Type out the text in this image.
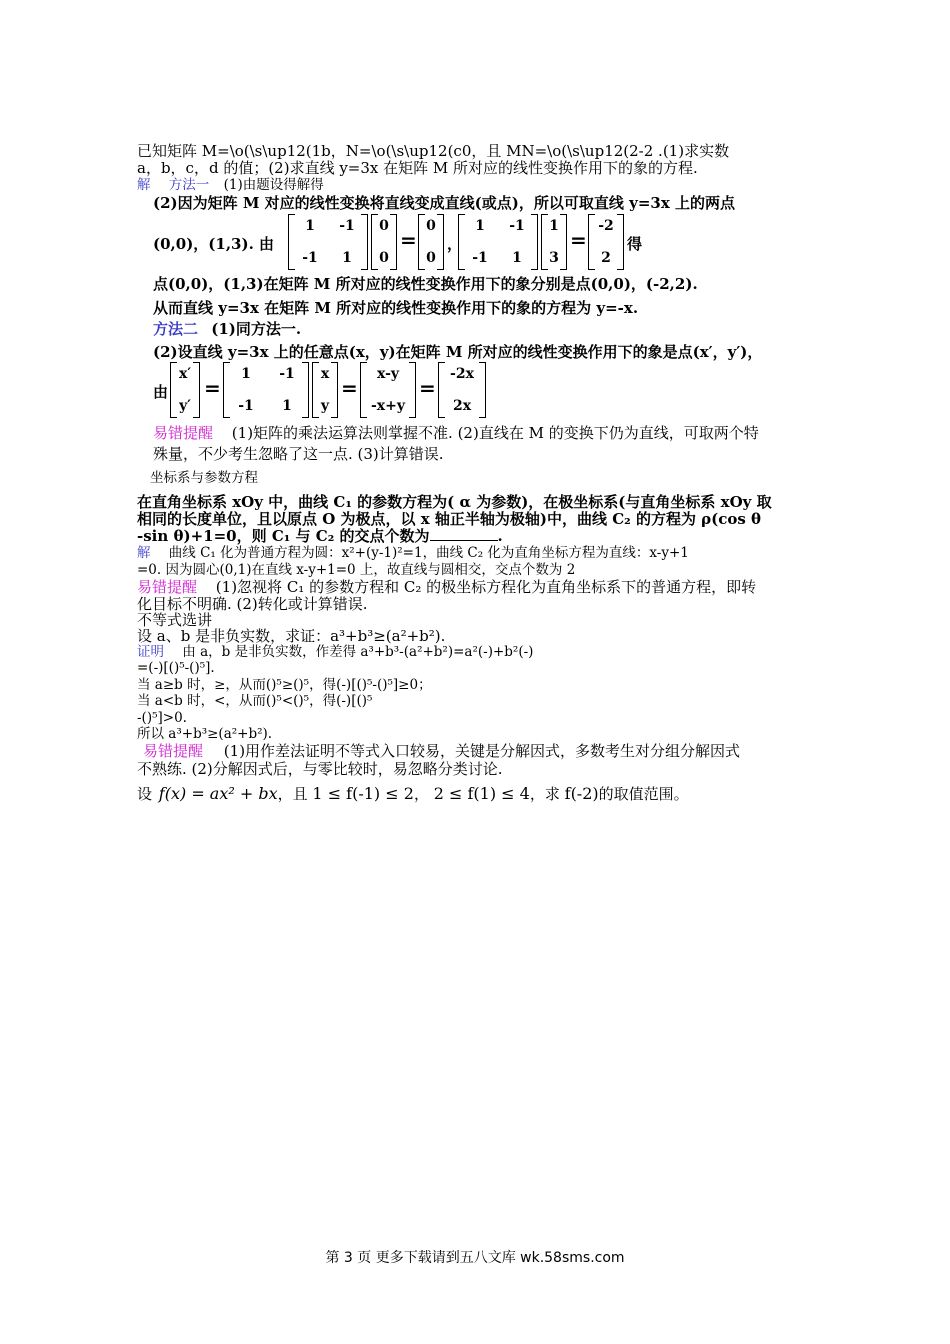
已知矩阵 M=\o(\s\up12(1b，N=\o(\s\up12(c0，且 MN=\o(\s\up12(2-2 .(1)求实数
a，b，c，d 的值；(2)求直线 y=3x 在矩阵 M 所对应的线性变换作用下的象的方程.
解 方法一 (1)由题设得解得
(2)因为矩阵 M 对应的线性变换将直线变成直线(或点)，所以可取直线 y=3x 上的两点
(0,0)，(1,3). 由
1	-1
-1	1
0
0
=
0
0
，
1	-1
-1	1
1
3
=
-2
2
得
点(0,0)，(1,3)在矩阵 M 所对应的线性变换作用下的象分别是点(0,0)，(-2,2).
从而直线 y=3x 在矩阵 M 所对应的线性变换作用下的象的方程为 y=-x.
方法二 (1)同方法一.
(2)设直线 y=3x 上的任意点(x，y)在矩阵 M 所对应的线性变换作用下的象是点(x′，y′)，
由
x′
y′
=
1	-1
-1	1
x
y
=
x-y
-x+y
=
-2x
2x
易错提醒 (1)矩阵的乘法运算法则掌握不准. (2)直线在 M 的变换下仍为直线，可取两个特
殊量，不少考生忽略了这一点. (3)计算错误.
坐标系与参数方程
在直角坐标系 xOy 中，曲线 C₁ 的参数方程为( α 为参数)，在极坐标系(与直角坐标系 xOy 取
相同的长度单位，且以原点 O 为极点，以 x 轴正半轴为极轴)中，曲线 C₂ 的方程为 ρ(cos θ
-sin θ)+1=0，则 C₁ 与 C₂ 的交点个数为	.
解 曲线 C₁ 化为普通方程为圆：x²+(y-1)²=1，曲线 C₂ 化为直角坐标方程为直线：x-y+1
=0. 因为圆心(0,1)在直线 x-y+1=0 上，故直线与圆相交，交点个数为 2
易错提醒 (1)忽视将 C₁ 的参数方程和 C₂ 的极坐标方程化为直角坐标系下的普通方程，即转
化目标不明确. (2)转化或计算错误.
不等式选讲
设 a、b 是非负实数，求证：a³+b³≥(a²+b²).
证明 由 a，b 是非负实数，作差得 a³+b³-(a²+b²)=a²(-)+b²(-)
=(-)[()⁵-()⁵].
当 a≥b 时，≥，从而()⁵≥()⁵，得(-)[()⁵-()⁵]≥0；
当 a<b 时，<，从而()⁵<()⁵，得(-)[()⁵
-()⁵]>0.
所以 a³+b³≥(a²+b²).
易错提醒 (1)用作差法证明不等式入口较易，关键是分解因式，多数考生对分组分解因式
不熟练. (2)分解因式后，与零比较时，易忽略分类讨论.
设 f(x) = ax² + bx，且 1 ≤ f(-1) ≤ 2， 2 ≤ f(1) ≤ 4，求 f(-2)的取值范围。
第 3 页 更多下载请到五八文库 wk.58sms.com
